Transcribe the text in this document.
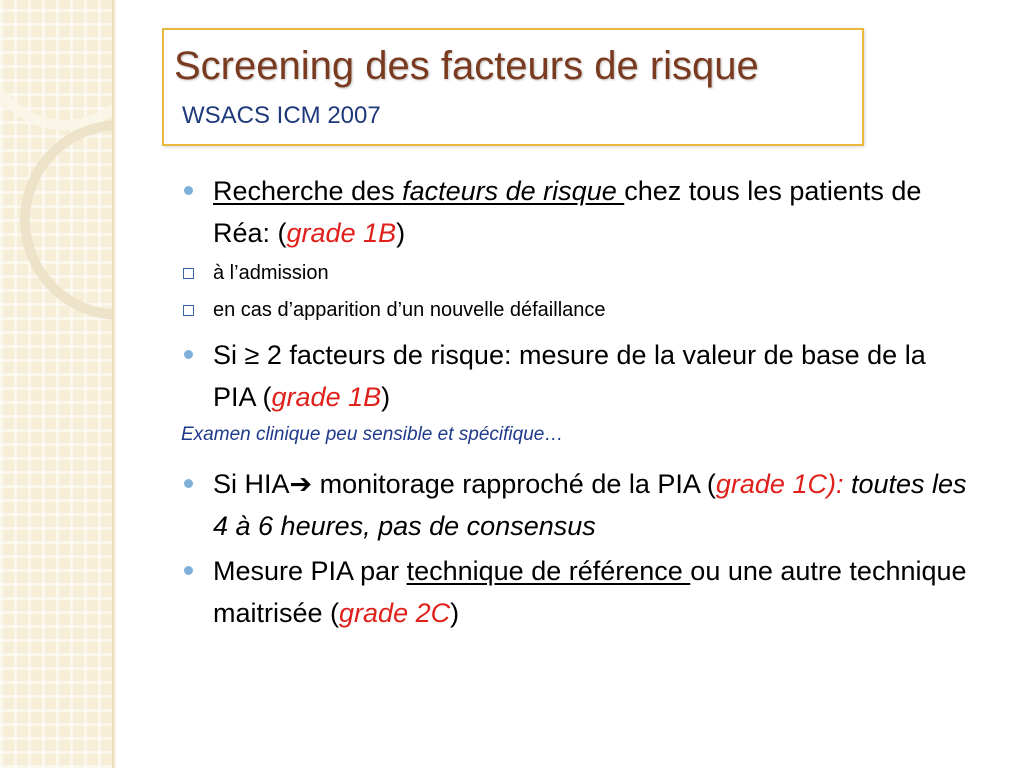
Screening des facteurs de risque
WSACS ICM 2007
Recherche des facteurs de risque chez tous les patients de Réa: (grade 1B)
à l’admission
en cas d’apparition d’un nouvelle défaillance
Si ≥ 2 facteurs de risque: mesure de la valeur de base de la PIA (grade 1B)
Examen clinique peu sensible et spécifique…
Si HIA➔ monitorage rapproché de la PIA (grade 1C): toutes les 4 à 6 heures, pas de consensus
Mesure PIA par technique de référence ou une autre technique maitrisée (grade 2C)
